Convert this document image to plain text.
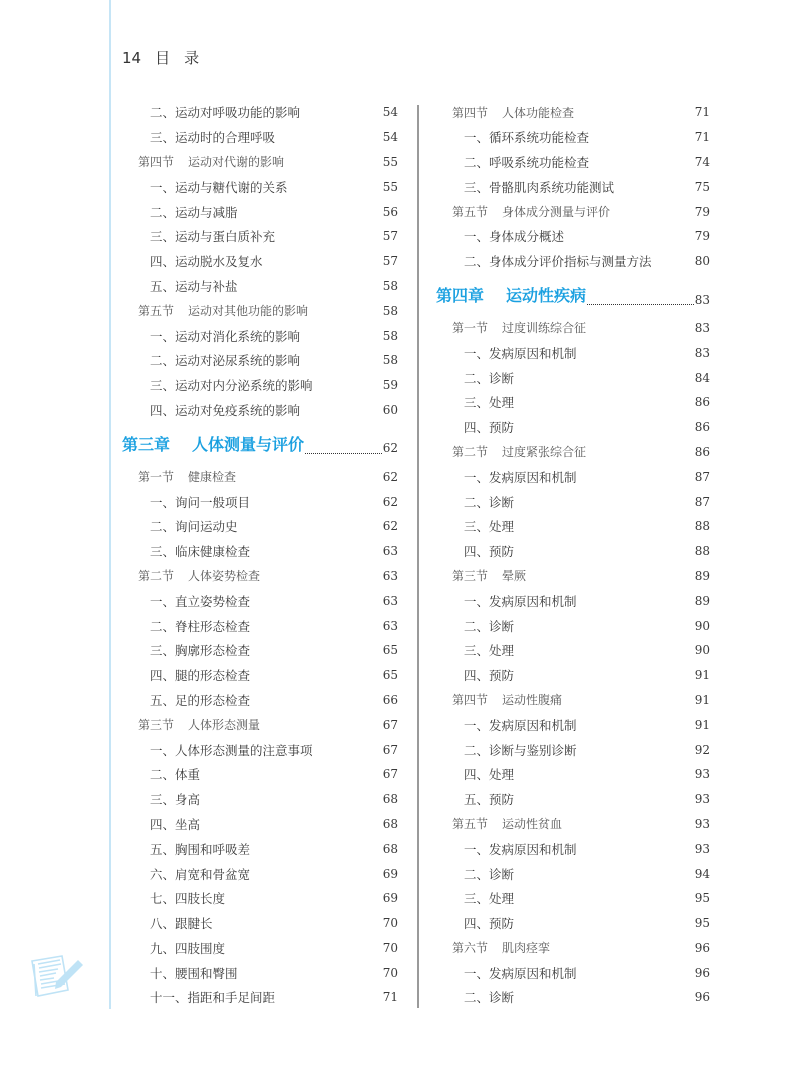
14 目录
二、运动对呼吸功能的影响	54
三、运动时的合理呼吸	54
第四节 运动对代谢的影响	55
一、运动与糖代谢的关系	55
二、运动与减脂	56
三、运动与蛋白质补充	57
四、运动脱水及复水	57
五、运动与补盐	58
第五节 运动对其他功能的影响	58
一、运动对消化系统的影响	58
二、运动对泌尿系统的影响	58
三、运动对内分泌系统的影响	59
四、运动对免疫系统的影响	60
第三章 人体测量与评价	62
第一节 健康检查	62
一、询问一般项目	62
二、询问运动史	62
三、临床健康检查	63
第二节 人体姿势检查	63
一、直立姿势检查	63
二、脊柱形态检查	63
三、胸廓形态检查	65
四、腿的形态检查	65
五、足的形态检查	66
第三节 人体形态测量	67
一、人体形态测量的注意事项	67
二、体重	67
三、身高	68
四、坐高	68
五、胸围和呼吸差	68
六、肩宽和骨盆宽	69
七、四肢长度	69
八、跟腱长	70
九、四肢围度	70
十、腰围和臀围	70
十一、指距和手足间距	71
第四节 人体功能检查	71
一、循环系统功能检查	71
二、呼吸系统功能检查	74
三、骨骼肌肉系统功能测试	75
第五节 身体成分测量与评价	79
一、身体成分概述	79
二、身体成分评价指标与测量方法	80
第四章 运动性疾病	83
第一节 过度训练综合征	83
一、发病原因和机制	83
二、诊断	84
三、处理	86
四、预防	86
第二节 过度紧张综合征	86
一、发病原因和机制	87
二、诊断	87
三、处理	88
四、预防	88
第三节 晕厥	89
一、发病原因和机制	89
二、诊断	90
三、处理	90
四、预防	91
第四节 运动性腹痛	91
一、发病原因和机制	91
二、诊断与鉴别诊断	92
四、处理	93
五、预防	93
第五节 运动性贫血	93
一、发病原因和机制	93
二、诊断	94
三、处理	95
四、预防	95
第六节 肌肉痉挛	96
一、发病原因和机制	96
二、诊断	96
